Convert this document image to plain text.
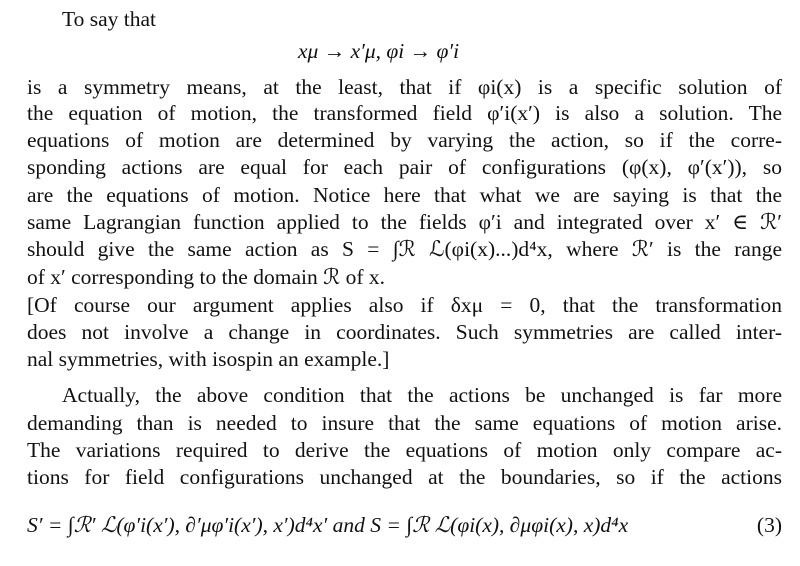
To say that
xμ → x′μ, φi → φ′i
is a symmetry means, at the least, that if φi(x) is a specific solution of
the equation of motion, the transformed field φ′i(x′) is also a solution. The
equations of motion are determined by varying the action, so if the corre-
sponding actions are equal for each pair of configurations (φ(x), φ′(x′)), so
are the equations of motion. Notice here that what we are saying is that the
same Lagrangian function applied to the fields φ′i and integrated over x′ ∈ ℛ′
should give the same action as S = ∫ℛ ℒ(φi(x)...)d⁴x, where ℛ′ is the range
of x′ corresponding to the domain ℛ of x.
[Of course our argument applies also if δxμ = 0, that the transformation
does not involve a change in coordinates. Such symmetries are called inter-
nal symmetries, with isospin an example.]
Actually, the above condition that the actions be unchanged is far more
demanding than is needed to insure that the same equations of motion arise.
The variations required to derive the equations of motion only compare ac-
tions for field configurations unchanged at the boundaries, so if the actions
S′ = ∫ℛ′ ℒ(φ′i(x′), ∂′μφ′i(x′), x′)d⁴x′ and S = ∫ℛ ℒ(φi(x), ∂μφi(x), x)d⁴x	(3)
